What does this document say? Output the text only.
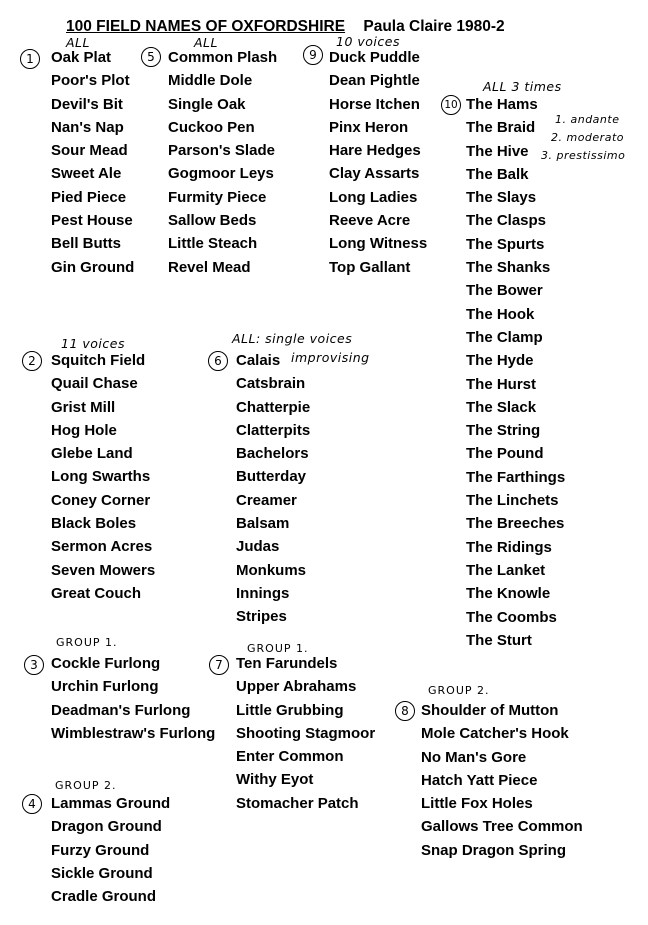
100 FIELD NAMES OF OXFORDSHIRE Paula Claire 1980-2
1
ALL
Oak Plat
Poor's Plot
Devil's Bit
Nan's Nap
Sour Mead
Sweet Ale
Pied Piece
Pest House
Bell Butts
Gin Ground
5
ALL
Common Plash
Middle Dole
Single Oak
Cuckoo Pen
Parson's Slade
Gogmoor Leys
Furmity Piece
Sallow Beds
Little Steach
Revel Mead
9
10 voices
Duck Puddle
Dean Pightle
Horse Itchen
Pinx Heron
Hare Hedges
Clay Assarts
Long Ladies
Reeve Acre
Long Witness
Top Gallant
10
ALL 3 times
1. andante
2. moderato
3. prestissimo
The Hams
The Braid
The Hive
The Balk
The Slays
The Clasps
The Spurts
The Shanks
The Bower
The Hook
The Clamp
The Hyde
The Hurst
The Slack
The String
The Pound
The Farthings
The Linchets
The Breeches
The Ridings
The Lanket
The Knowle
The Coombs
The Sturt
2
11 voices
Squitch Field
Quail Chase
Grist Mill
Hog Hole
Glebe Land
Long Swarths
Coney Corner
Black Boles
Sermon Acres
Seven Mowers
Great Couch
6
ALL: single voices
improvising
Calais
Catsbrain
Chatterpie
Clatterpits
Bachelors
Butterday
Creamer
Balsam
Judas
Monkums
Innings
Stripes
3
GROUP 1.
Cockle Furlong
Urchin Furlong
Deadman's Furlong
Wimblestraw's Furlong
7
GROUP 1.
Ten Farundels
Upper Abrahams
Little Grubbing
Shooting Stagmoor
Enter Common
Withy Eyot
Stomacher Patch
8
GROUP 2.
Shoulder of Mutton
Mole Catcher's Hook
No Man's Gore
Hatch Yatt Piece
Little Fox Holes
Gallows Tree Common
Snap Dragon Spring
4
GROUP 2.
Lammas Ground
Dragon Ground
Furzy Ground
Sickle Ground
Cradle Ground
